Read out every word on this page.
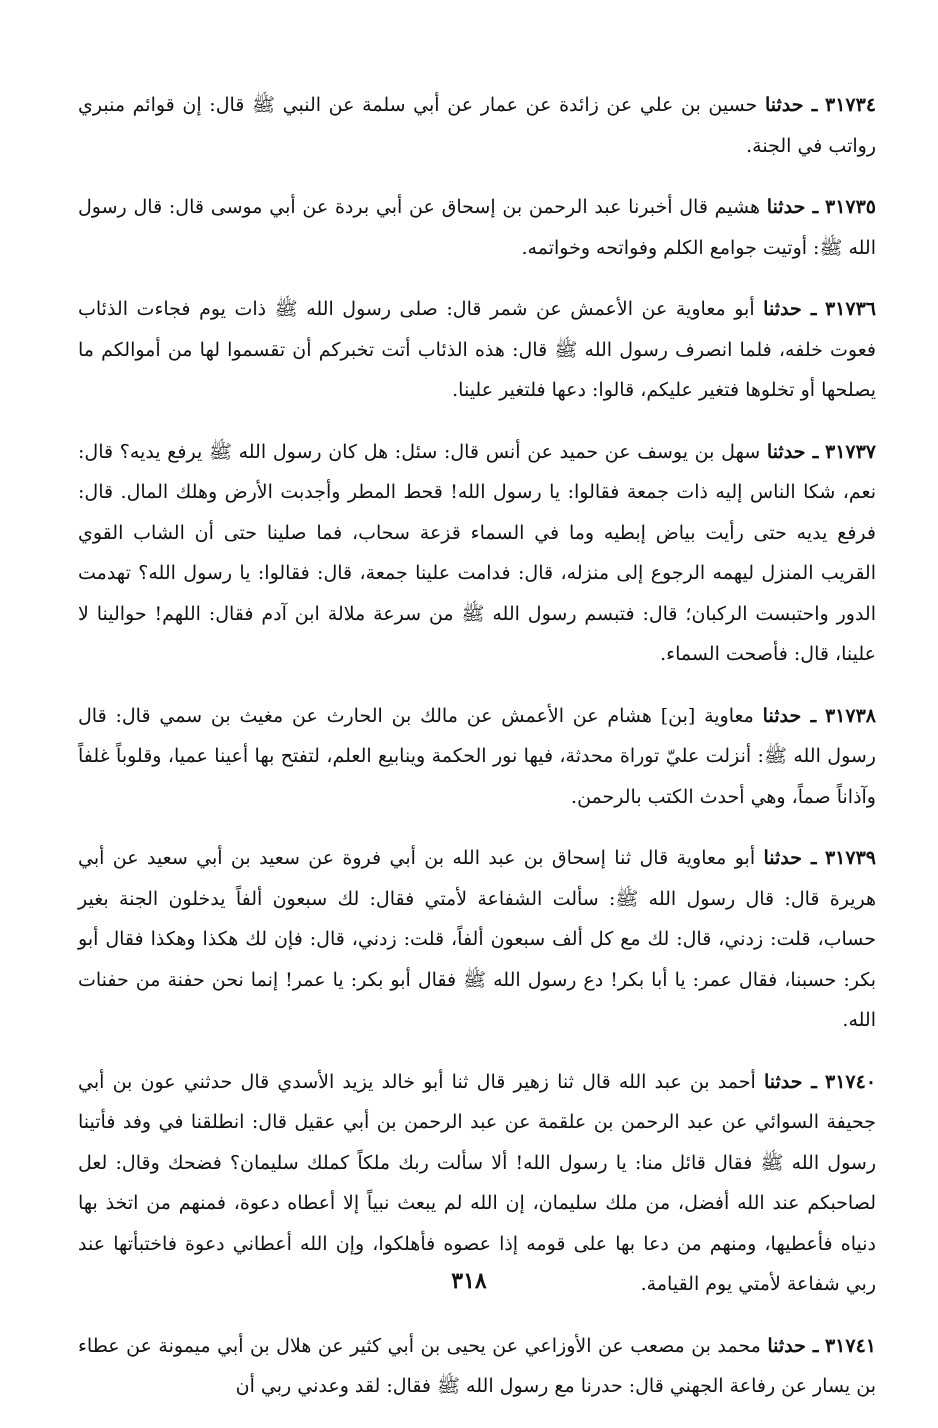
٣١٧٣٤ ـ حدثنا حسين بن علي عن زائدة عن عمار عن أبي سلمة عن النبي ﷺ قال: إن قوائم منبري رواتب في الجنة.

٣١٧٣٥ ـ حدثنا هشيم قال أخبرنا عبد الرحمن بن إسحاق عن أبي بردة عن أبي موسى قال: قال رسول الله ﷺ: أوتيت جوامع الكلم وفواتحه وخواتمه.

٣١٧٣٦ ـ حدثنا أبو معاوية عن الأعمش عن شمر قال: صلى رسول الله ﷺ ذات يوم فجاءت الذئاب فعوت خلفه، فلما انصرف رسول الله ﷺ قال: هذه الذئاب أتت تخبركم أن تقسموا لها من أموالكم ما يصلحها أو تخلوها فتغير عليكم، قالوا: دعها فلتغير علينا.

٣١٧٣٧ ـ حدثنا سهل بن يوسف عن حميد عن أنس قال: سئل: هل كان رسول الله ﷺ يرفع يديه؟ قال: نعم، شكا الناس إليه ذات جمعة فقالوا: يا رسول الله! قحط المطر وأجدبت الأرض وهلك المال. قال: فرفع يديه حتى رأيت بياض إبطيه وما في السماء قزعة سحاب، فما صلينا حتى أن الشاب القوي القريب المنزل ليهمه الرجوع إلى منزله، قال: فدامت علينا جمعة، قال: فقالوا: يا رسول الله؟ تهدمت الدور واحتبست الركبان؛ قال: فتبسم رسول الله ﷺ من سرعة ملالة ابن آدم فقال: اللهم! حوالينا لا علينا، قال: فأصحت السماء.

٣١٧٣٨ ـ حدثنا معاوية [بن] هشام عن الأعمش عن مالك بن الحارث عن مغيث بن سمي قال: قال رسول الله ﷺ: أنزلت عليّ توراة محدثة، فيها نور الحكمة وينابيع العلم، لتفتح بها أعينا عميا، وقلوباً غلفاً وآذاناً صماً، وهي أحدث الكتب بالرحمن.

٣١٧٣٩ ـ حدثنا أبو معاوية قال ثنا إسحاق بن عبد الله بن أبي فروة عن سعيد بن أبي سعيد عن أبي هريرة قال: قال رسول الله ﷺ: سألت الشفاعة لأمتي فقال: لك سبعون ألفاً يدخلون الجنة بغير حساب، قلت: زدني، قال: لك مع كل ألف سبعون ألفاً، قلت: زدني، قال: فإن لك هكذا وهكذا فقال أبو بكر: حسبنا، فقال عمر: يا أبا بكر! دع رسول الله ﷺ فقال أبو بكر: يا عمر! إنما نحن حفنة من حفنات الله.

٣١٧٤٠ ـ حدثنا أحمد بن عبد الله قال ثنا زهير قال ثنا أبو خالد يزيد الأسدي قال حدثني عون بن أبي جحيفة السوائي عن عبد الرحمن بن علقمة عن عبد الرحمن بن أبي عقيل قال: انطلقنا في وفد فأتينا رسول الله ﷺ فقال قائل منا: يا رسول الله! ألا سألت ربك ملكاً كملك سليمان؟ فضحك وقال: لعل لصاحبكم عند الله أفضل، من ملك سليمان، إن الله لم يبعث نبياً إلا أعطاه دعوة، فمنهم من اتخذ بها دنياه فأعطيها، ومنهم من دعا بها على قومه إذا عصوه فأهلكوا، وإن الله أعطاني دعوة فاختبأتها عند ربي شفاعة لأمتي يوم القيامة.

٣١٧٤١ ـ حدثنا محمد بن مصعب عن الأوزاعي عن يحيى بن أبي كثير عن هلال بن أبي ميمونة عن عطاء بن يسار عن رفاعة الجهني قال: حدرنا مع رسول الله ﷺ فقال: لقد وعدني ربي أن

٣١٨
